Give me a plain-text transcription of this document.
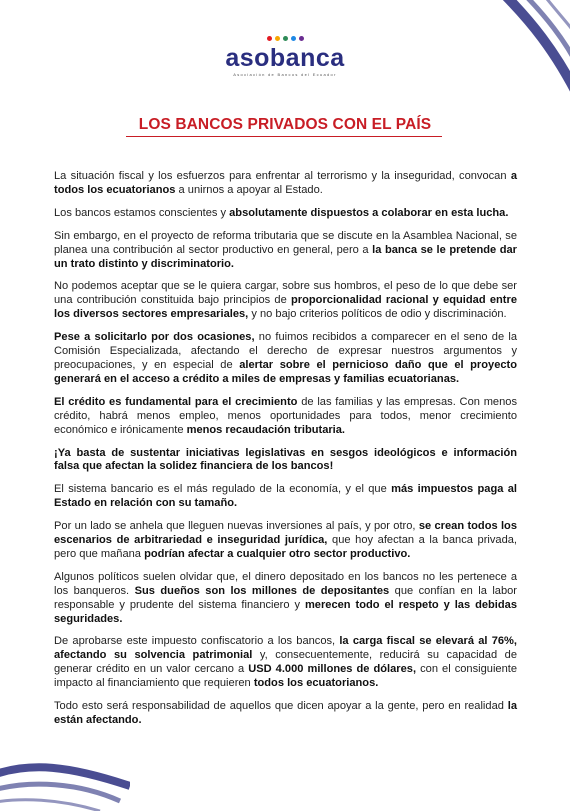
asobanca
Asociación de Bancos del Ecuador
LOS BANCOS PRIVADOS CON EL PAÍS

La situación fiscal y los esfuerzos para enfrentar al terrorismo y la inseguridad, convocan a todos los ecuatorianos a unirnos a apoyar al Estado.

Los bancos estamos conscientes y absolutamente dispuestos a colaborar en esta lucha.

Sin embargo, en el proyecto de reforma tributaria que se discute en la Asamblea Nacional, se planea una contribución al sector productivo en general, pero a la banca se le pretende dar un trato distinto y discriminatorio.

No podemos aceptar que se le quiera cargar, sobre sus hombros, el peso de lo que debe ser una contribución constituida bajo principios de proporcionalidad racional y equidad entre los diversos sectores empresariales, y no bajo criterios políticos de odio y discriminación.

Pese a solicitarlo por dos ocasiones, no fuimos recibidos a comparecer en el seno de la Comisión Especializada, afectando el derecho de expresar nuestros argumentos y preocupaciones, y en especial de alertar sobre el pernicioso daño que el proyecto generará en el acceso a crédito a miles de empresas y familias ecuatorianas.

El crédito es fundamental para el crecimiento de las familias y las empresas. Con menos crédito, habrá menos empleo, menos oportunidades para todos, menor crecimiento económico e irónicamente menos recaudación tributaria.

¡Ya basta de sustentar iniciativas legislativas en sesgos ideológicos e información falsa que afectan la solidez financiera de los bancos!

El sistema bancario es el más regulado de la economía, y el que más impuestos paga al Estado en relación con su tamaño.

Por un lado se anhela que lleguen nuevas inversiones al país, y por otro, se crean todos los escenarios de arbitrariedad e inseguridad jurídica, que hoy afectan a la banca privada, pero que mañana podrían afectar a cualquier otro sector productivo.

Algunos políticos suelen olvidar que, el dinero depositado en los bancos no les pertenece a los banqueros. Sus dueños son los millones de depositantes que confían en la labor responsable y prudente del sistema financiero y merecen todo el respeto y las debidas seguridades.

De aprobarse este impuesto confiscatorio a los bancos, la carga fiscal se elevará al 76%, afectando su solvencia patrimonial y, consecuentemente, reducirá su capacidad de generar crédito en un valor cercano a USD 4.000 millones de dólares, con el consiguiente impacto al financiamiento que requieren todos los ecuatorianos.

Todo esto será responsabilidad de aquellos que dicen apoyar a la gente, pero en realidad la están afectando.
